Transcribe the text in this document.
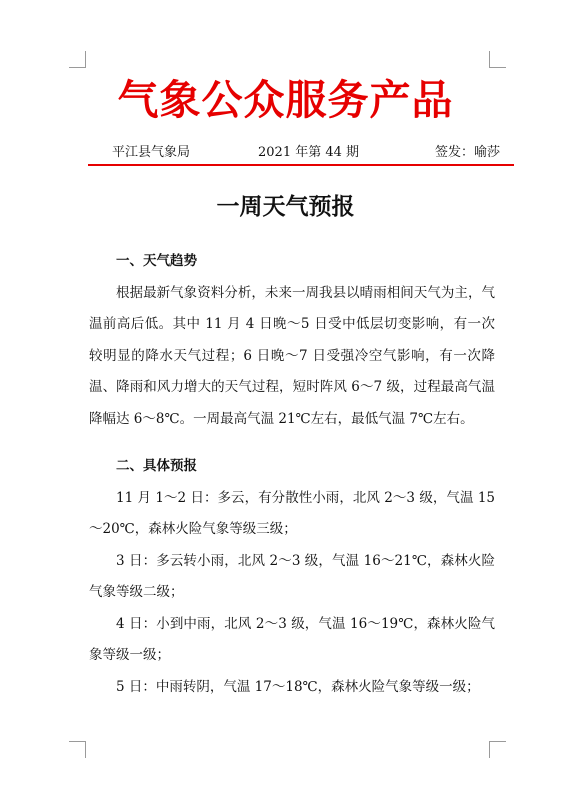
气象公众服务产品
平江县气象局	2021 年第 44 期	签发：喻莎
一周天气预报
一、天气趋势

根据最新气象资料分析，未来一周我县以晴雨相间天气为主，气温前高后低。其中 11 月 4 日晚～5 日受中低层切变影响，有一次较明显的降水天气过程；6 日晚～7 日受强冷空气影响，有一次降温、降雨和风力增大的天气过程，短时阵风 6～7 级，过程最高气温降幅达 6～8℃。一周最高气温 21℃左右，最低气温 7℃左右。

二、具体预报

11 月 1～2 日：多云，有分散性小雨，北风 2～3 级，气温 15～20℃，森林火险气象等级三级；

3 日：多云转小雨，北风 2～3 级，气温 16～21℃，森林火险气象等级二级；

4 日：小到中雨，北风 2～3 级，气温 16～19℃，森林火险气象等级一级；

5 日：中雨转阴，气温 17～18℃，森林火险气象等级一级；
